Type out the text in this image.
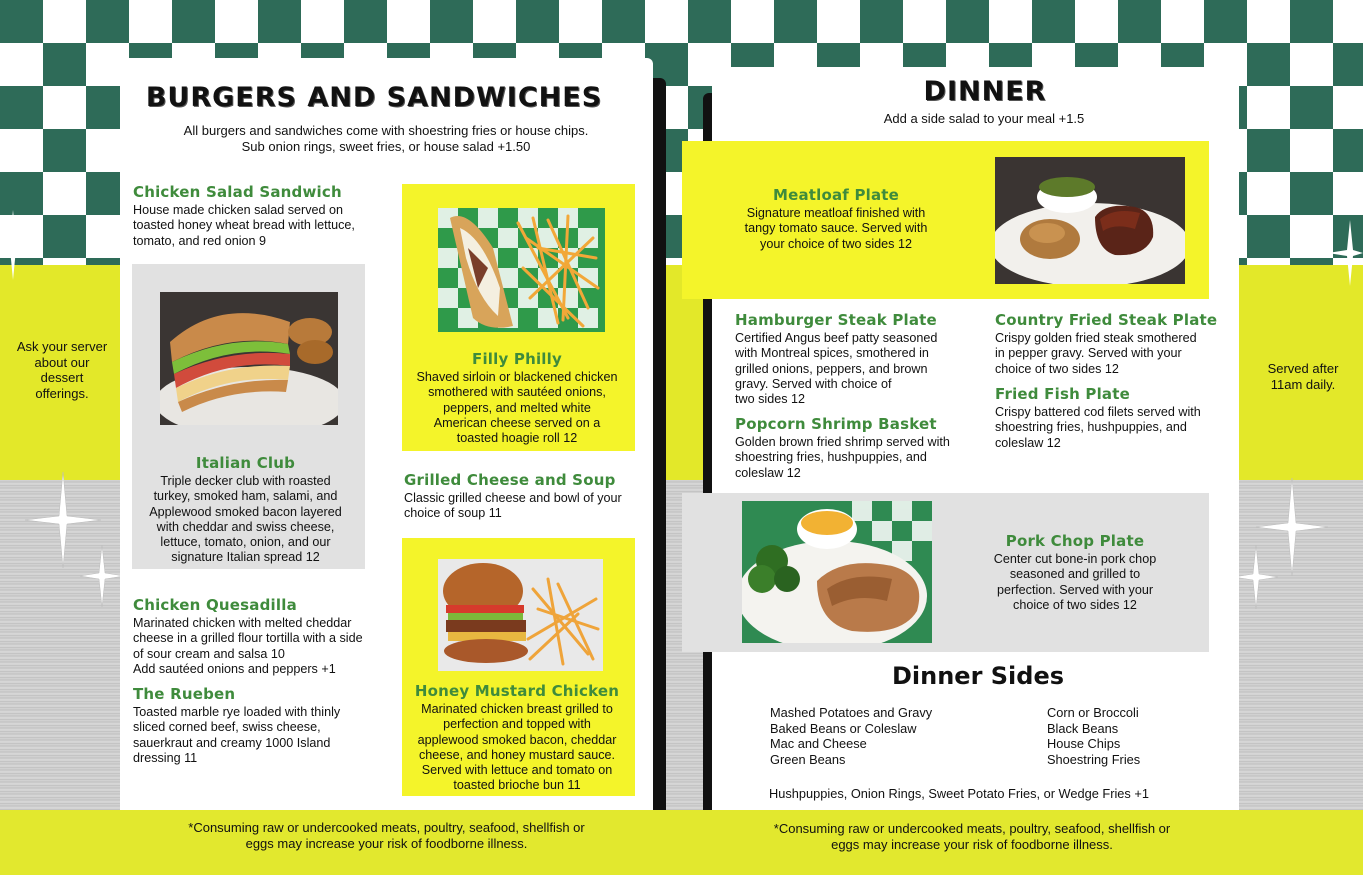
Ask your server
about our
dessert
offerings.
Served after
11am daily.
BURGERS AND SANDWICHES
All burgers and sandwiches come with shoestring fries or house chips.
Sub onion rings, sweet fries, or house salad +1.50
Chicken Salad Sandwich
House made chicken salad served on
toasted honey wheat bread with lettuce,
tomato, and red onion 9
Italian Club
Triple decker club with roasted
turkey, smoked ham, salami, and
Applewood smoked bacon layered
with cheddar and swiss cheese,
lettuce, tomato, onion, and our
signature Italian spread 12
Chicken Quesadilla
Marinated chicken with melted cheddar
cheese in a grilled flour tortilla with a side
of sour cream and salsa 10
Add sautéed onions and peppers +1
The Rueben
Toasted marble rye loaded with thinly
sliced corned beef, swiss cheese,
sauerkraut and creamy 1000 Island
dressing 11
Filly Philly
Shaved sirloin or blackened chicken
smothered with sautéed onions,
peppers, and melted white
American cheese served on a
toasted hoagie roll 12
Grilled Cheese and Soup
Classic grilled cheese and bowl of your
choice of soup 11
Honey Mustard Chicken
Marinated chicken breast grilled to
perfection and topped with
applewood smoked bacon, cheddar
cheese, and honey mustard sauce.
Served with lettuce and tomato on
toasted brioche bun 11
*Consuming raw or undercooked meats, poultry, seafood, shellfish or
eggs may increase your risk of foodborne illness.
DINNER
Add a side salad to your meal +1.5
Meatloaf Plate
Signature meatloaf finished with
tangy tomato sauce. Served with
your choice of two sides 12
Hamburger Steak Plate
Certified Angus beef patty seasoned
with Montreal spices, smothered in
grilled onions, peppers, and brown
gravy. Served with choice of
two sides 12
Country Fried Steak Plate
Crispy golden fried steak smothered
in pepper gravy. Served with your
choice of two sides 12
Popcorn Shrimp Basket
Golden brown fried shrimp served with
shoestring fries, hushpuppies, and
coleslaw 12
Fried Fish Plate
Crispy battered cod filets served with
shoestring fries, hushpuppies, and
coleslaw 12
Pork Chop Plate
Center cut bone-in pork chop
seasoned and grilled to
perfection. Served with your
choice of two sides 12
Dinner Sides
Mashed Potatoes and Gravy
Baked Beans or Coleslaw
Mac and Cheese
Green Beans
Corn or Broccoli
Black Beans
House Chips
Shoestring Fries
Hushpuppies, Onion Rings, Sweet Potato Fries, or Wedge Fries +1
*Consuming raw or undercooked meats, poultry, seafood, shellfish or
eggs may increase your risk of foodborne illness.
